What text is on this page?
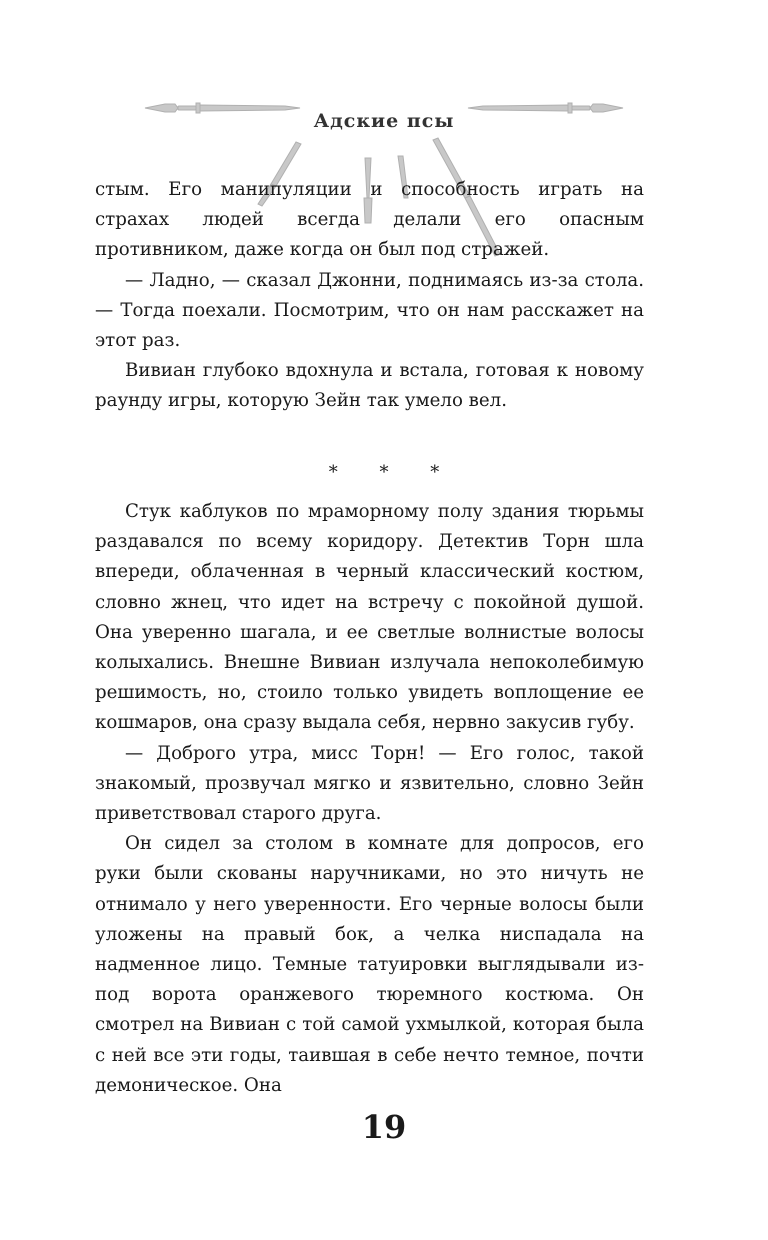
Адские псы

стым. Его манипуляции и способность играть на страхах людей всегда делали его опасным противником, даже когда он был под стражей.

— Ладно, — сказал Джонни, поднимаясь из-за стола. — Тогда поехали. Посмотрим, что он нам расскажет на этот раз.

Вивиан глубоко вдохнула и встала, готовая к новому раунду игры, которую Зейн так умело вел.

* * *

Стук каблуков по мраморному полу здания тюрьмы раздавался по всему коридору. Детектив Торн шла впереди, облаченная в черный классический костюм, словно жнец, что идет на встречу с покойной душой. Она уверенно шагала, и ее светлые волнистые волосы колыхались. Внешне Вивиан излучала непоколебимую решимость, но, стоило только увидеть воплощение ее кошмаров, она сразу выдала себя, нервно закусив губу.

— Доброго утра, мисс Торн! — Его голос, такой знакомый, прозвучал мягко и язвительно, словно Зейн приветствовал старого друга.

Он сидел за столом в комнате для допросов, его руки были скованы наручниками, но это ничуть не отнимало у него уверенности. Его черные волосы были уложены на правый бок, а челка ниспадала на надменное лицо. Темные татуировки выглядывали из-под ворота оранжевого тюремного костюма. Он смотрел на Вивиан с той самой ухмылкой, которая была с ней все эти годы, таившая в себе нечто темное, почти демоническое. Она

19
